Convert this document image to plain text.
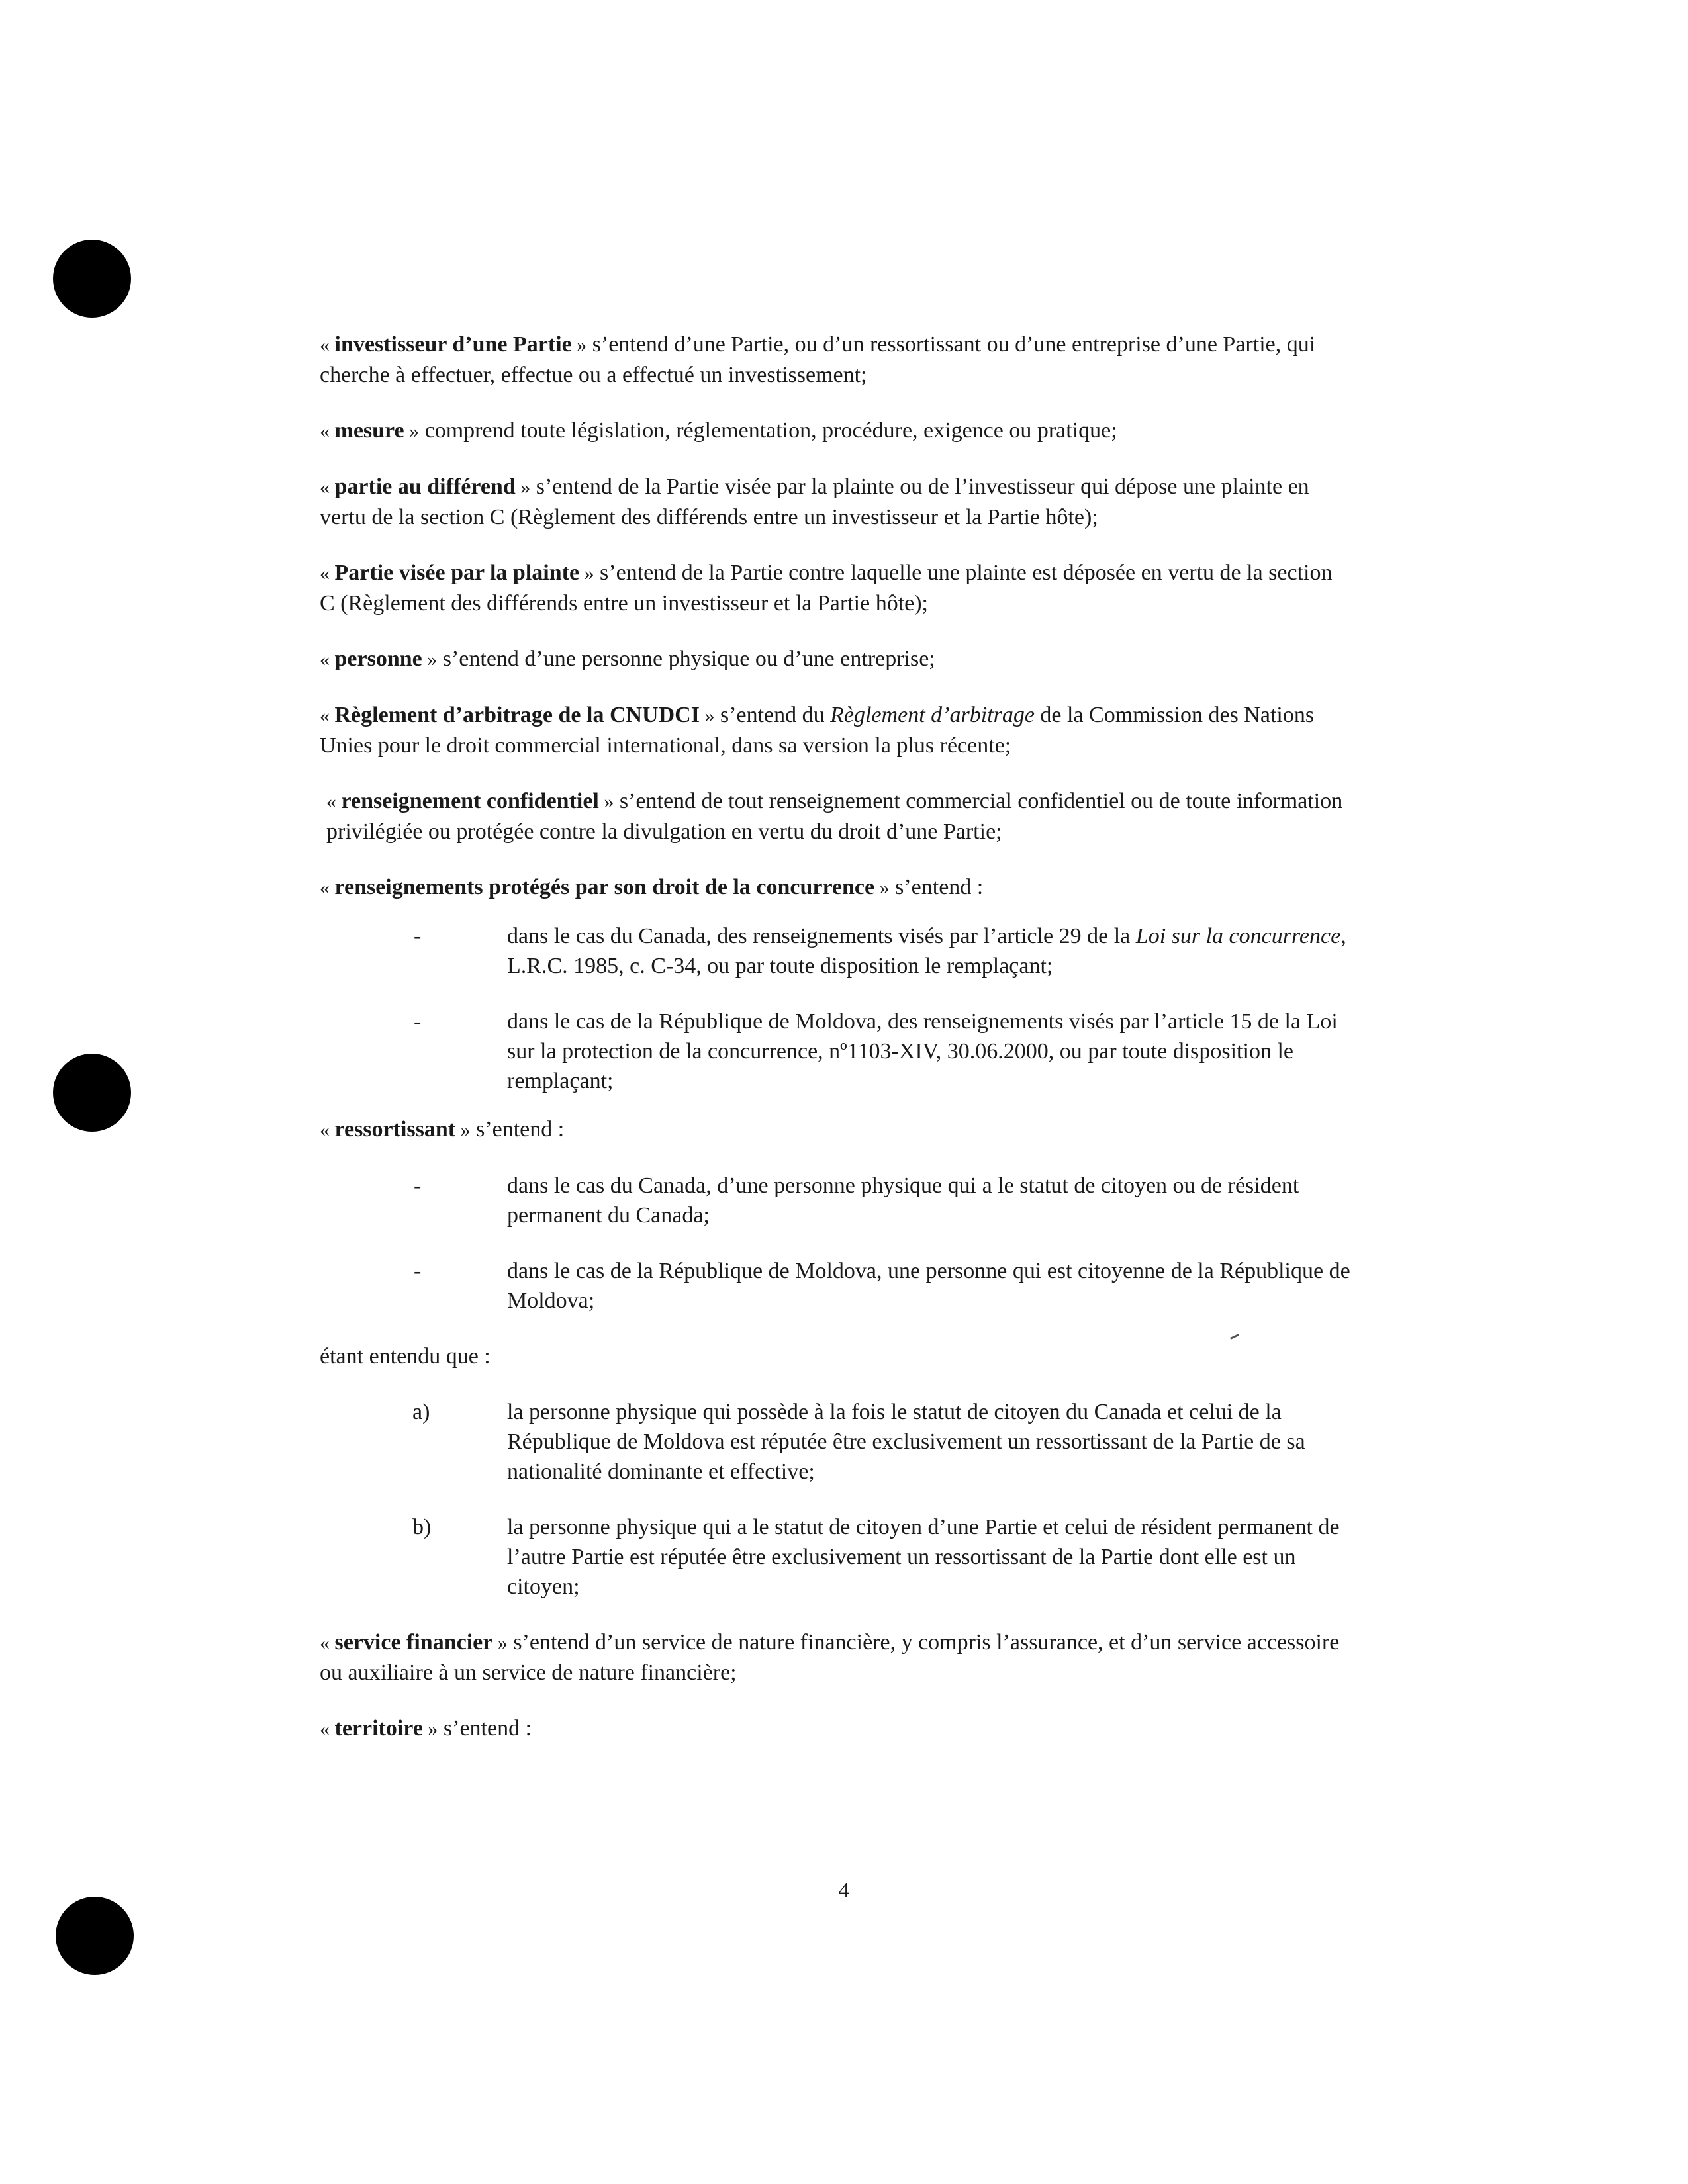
« investisseur d’une Partie » s’entend d’une Partie, ou d’un ressortissant ou d’une entreprise d’une Partie, qui cherche à effectuer, effectue ou a effectué un investissement;

« mesure » comprend toute législation, réglementation, procédure, exigence ou pratique;

« partie au différend » s’entend de la Partie visée par la plainte ou de l’investisseur qui dépose une plainte en vertu de la section C (Règlement des différends entre un investisseur et la Partie hôte);

« Partie visée par la plainte » s’entend de la Partie contre laquelle une plainte est déposée en vertu de la section C (Règlement des différends entre un investisseur et la Partie hôte);

« personne » s’entend d’une personne physique ou d’une entreprise;

« Règlement d’arbitrage de la CNUDCI » s’entend du Règlement d’arbitrage de la Commission des Nations Unies pour le droit commercial international, dans sa version la plus récente;

« renseignement confidentiel » s’entend de tout renseignement commercial confidentiel ou de toute information privilégiée ou protégée contre la divulgation en vertu du droit d’une Partie;

« renseignements protégés par son droit de la concurrence » s’entend :

-	dans le cas du Canada, des renseignements visés par l’article 29 de la Loi sur la concurrence, L.R.C. 1985, c. C-34, ou par toute disposition le remplaçant;
-	dans le cas de la République de Moldova, des renseignements visés par l’article 15 de la Loi sur la protection de la concurrence, nº1103-XIV, 30.06.2000, ou par toute disposition le remplaçant;

« ressortissant » s’entend :

-	dans le cas du Canada, d’une personne physique qui a le statut de citoyen ou de résident permanent du Canada;
-	dans le cas de la République de Moldova, une personne qui est citoyenne de la République de Moldova;

étant entendu que :

a)	la personne physique qui possède à la fois le statut de citoyen du Canada et celui de la République de Moldova est réputée être exclusivement un ressortissant de la Partie de sa nationalité dominante et effective;
b)	la personne physique qui a le statut de citoyen d’une Partie et celui de résident permanent de l’autre Partie est réputée être exclusivement un ressortissant de la Partie dont elle est un citoyen;

« service financier » s’entend d’un service de nature financière, y compris l’assurance, et d’un service accessoire ou auxiliaire à un service de nature financière;

« territoire » s’entend :

4
